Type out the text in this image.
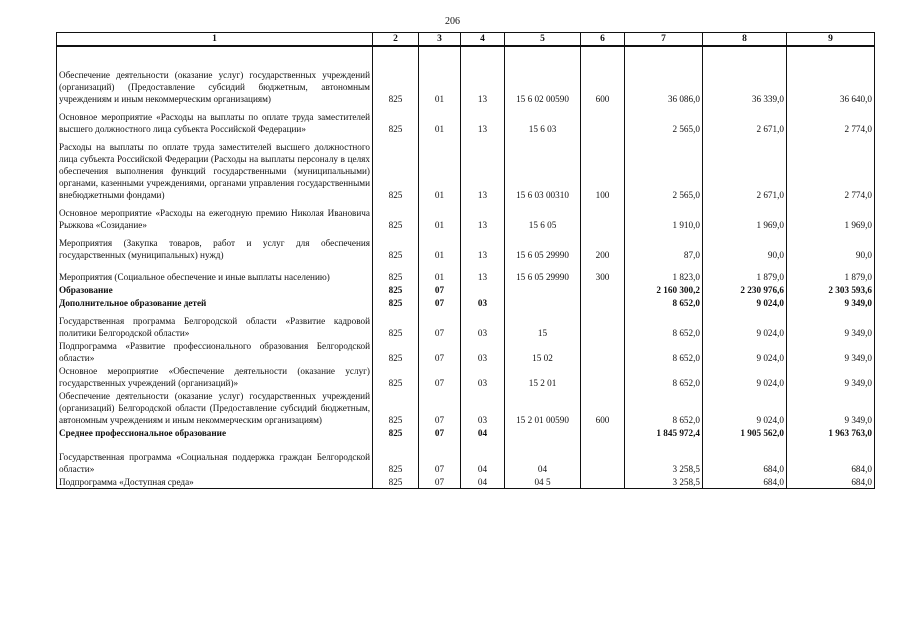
206
1	2	3	4	5	6	7	8	9
Обеспечение деятельности (оказание услуг) государственных учреждений (организаций) (Предоставление субсидий бюджетным, автономным учреждениям и иным некоммерческим организациям)	825	01	13	15 6 02 00590	600	36 086,0	36 339,0	36 640,0
Основное мероприятие «Расходы на выплаты по оплате труда заместителей высшего должностного лица субъекта Российской Федерации»	825	01	13	15 6 03		2 565,0	2 671,0	2 774,0
Расходы на выплаты по оплате труда заместителей высшего должностного лица субъекта Российской Федерации (Расходы на выплаты персоналу в целях обеспечения выполнения функций государственными (муниципальными) органами, казенными учреждениями, органами управления государственными внебюджетными фондами)	825	01	13	15 6 03 00310	100	2 565,0	2 671,0	2 774,0
Основное мероприятие «Расходы на ежегодную премию Николая Ивановича Рыжкова «Созидание»	825	01	13	15 6 05		1 910,0	1 969,0	1 969,0
Мероприятия (Закупка товаров, работ и услуг для обеспечения государственных (муниципальных) нужд)	825	01	13	15 6 05 29990	200	87,0	90,0	90,0
Мероприятия (Социальное обеспечение и иные выплаты населению)	825	01	13	15 6 05 29990	300	1 823,0	1 879,0	1 879,0
Образование	825	07				2 160 300,2	2 230 976,6	2 303 593,6
Дополнительное образование детей	825	07	03			8 652,0	9 024,0	9 349,0
Государственная программа Белгородской области «Развитие кадровой политики Белгородской области»	825	07	03	15		8 652,0	9 024,0	9 349,0
Подпрограмма «Развитие профессионального образования Белгородской области»	825	07	03	15 02		8 652,0	9 024,0	9 349,0
Основное мероприятие «Обеспечение деятельности (оказание услуг) государственных учреждений (организаций)»	825	07	03	15 2 01		8 652,0	9 024,0	9 349,0
Обеспечение деятельности (оказание услуг) государственных учреждений (организаций) Белгородской области (Предоставление субсидий бюджетным, автономным учреждениям и иным некоммерческим организациям)	825	07	03	15 2 01 00590	600	8 652,0	9 024,0	9 349,0
Среднее профессиональное образование	825	07	04			1 845 972,4	1 905 562,0	1 963 763,0
Государственная программа «Социальная поддержка граждан Белгородской области»	825	07	04	04		3 258,5	684,0	684,0
Подпрограмма «Доступная среда»	825	07	04	04 5		3 258,5	684,0	684,0
